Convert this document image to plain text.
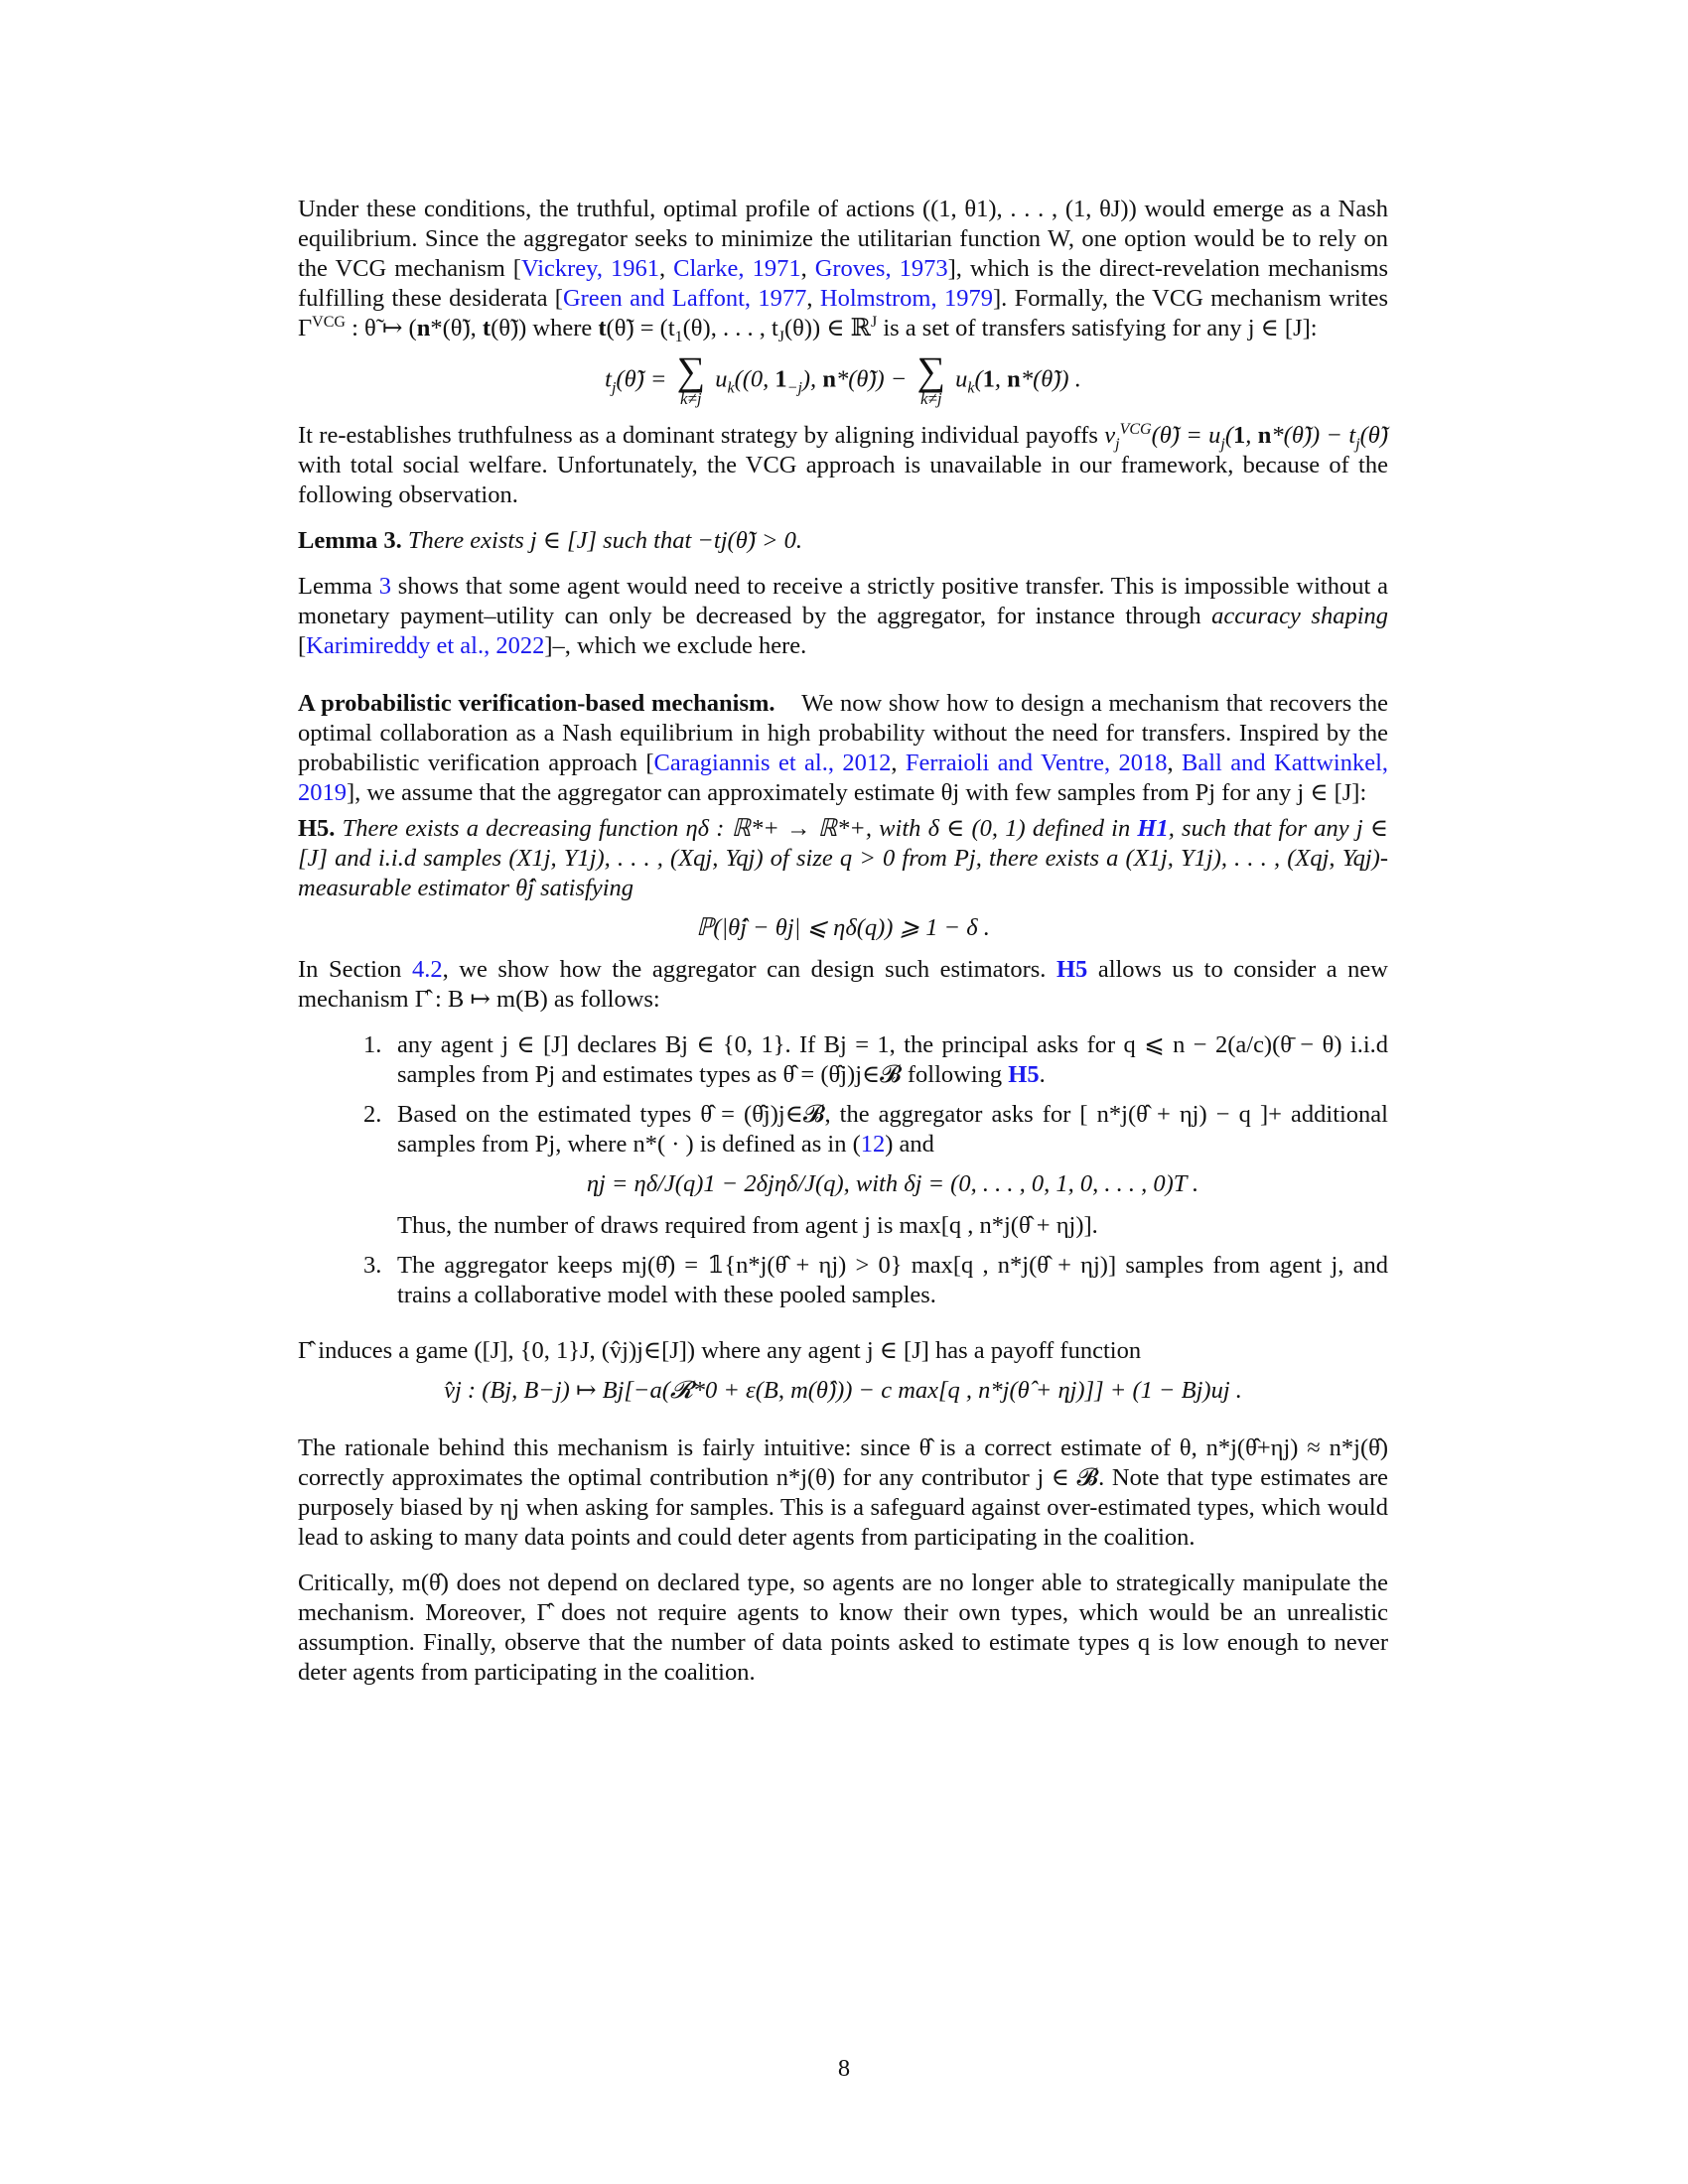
Under these conditions, the truthful, optimal profile of actions ((1, θ1), . . . , (1, θJ)) would emerge as a Nash equilibrium. Since the aggregator seeks to minimize the utilitarian function W, one option would be to rely on the VCG mechanism [Vickrey, 1961, Clarke, 1971, Groves, 1973], which is the direct-revelation mechanisms fulfilling these desiderata [Green and Laffont, 1977, Holmstrom, 1979]. Formally, the VCG mechanism writes $\Gamma^{VCG}$ : θ̃ ↦ (n*(θ̃), t(θ̃)) where t(θ̃) = ($t_1(\theta)$, . . . , $t_J(\theta)$) ∈ ℝ$^J$ is a set of transfers satisfying for any j ∈ [J]:

$t_j(\thetã)$ = ∑
k≠j
$u_k((0$, $1_{-j}$), n*(θ̃)) − ∑
k≠j
$u_k(1$, n*(θ̃)) .

It re-establishes truthfulness as a dominant strategy by aligning individual payoffs $v_j^{VCG}(\thetã) = u_j(1$, n*(θ̃)) − $t_j(\thetã)$ with total social welfare. Unfortunately, the VCG approach is unavailable in our framework, because of the following observation.

Lemma 3. There exists j ∈ [J] such that −tj(θ̃) > 0.

Lemma 3 shows that some agent would need to receive a strictly positive transfer. This is impossible without a monetary payment–utility can only be decreased by the aggregator, for instance through accuracy shaping [Karimireddy et al., 2022]–, which we exclude here.

A probabilistic verification-based mechanism. We now show how to design a mechanism that recovers the optimal collaboration as a Nash equilibrium in high probability without the need for transfers. Inspired by the probabilistic verification approach [Caragiannis et al., 2012, Ferraioli and Ventre, 2018, Ball and Kattwinkel, 2019], we assume that the aggregator can approximately estimate θj with few samples from Pj for any j ∈ [J]:

H5. There exists a decreasing function ηδ : ℝ*+ → ℝ*+, with δ ∈ (0, 1) defined in H1, such that for any j ∈ [J] and i.i.d samples (X1j, Y1j), . . . , (Xqj, Yqj) of size q > 0 from Pj, there exists a (X1j, Y1j), . . . , (Xqj, Yqj)-measurable estimator θ̂j satisfying

ℙ(|θ̂j − θj| ⩽ ηδ(q)) ⩾ 1 − δ .

In Section 4.2, we show how the aggregator can design such estimators. H5 allows us to consider a new mechanism Γ̂ : B ↦ m(B) as follows:

1. any agent j ∈ [J] declares Bj ∈ {0, 1}. If Bj = 1, the principal asks for q ⩽ n − 2(a/c)(θ̄ − θ) i.i.d samples from Pj and estimates types as θ̂ = (θ̂j)j∈𝓑 following H5.
2. Based on the estimated types θ̂ = (θ̂j)j∈𝓑, the aggregator asks for [ n*j(θ̂ + ηj) − q ]+ additional samples from Pj, where n*( · ) is defined as in (12) and
ηj = ηδ/J(q)1 − 2δjηδ/J(q), with δj = (0, . . . , 0, 1, 0, . . . , 0)T .
Thus, the number of draws required from agent j is max[q , n*j(θ̂ + ηj)].
3. The aggregator keeps mj(θ̂) = 𝟙{n*j(θ̂ + ηj) > 0} max[q , n*j(θ̂ + ηj)] samples from agent j, and trains a collaborative model with these pooled samples.

Γ̂ induces a game ([J], {0, 1}J, (v̂j)j∈[J]) where any agent j ∈ [J] has a payoff function

v̂j : (Bj, B−j) ↦ Bj[−a(𝓡*0 + ε(B, m(θ̂))) − c max[q , n*j(θ̂ + ηj)]] + (1 − Bj)uj .

The rationale behind this mechanism is fairly intuitive: since θ̂ is a correct estimate of θ, n*j(θ̂+ηj) ≈ n*j(θ̂) correctly approximates the optimal contribution n*j(θ) for any contributor j ∈ 𝓑. Note that type estimates are purposely biased by ηj when asking for samples. This is a safeguard against over-estimated types, which would lead to asking to many data points and could deter agents from participating in the coalition.

Critically, m(θ̂) does not depend on declared type, so agents are no longer able to strategically manipulate the mechanism. Moreover, Γ̂ does not require agents to know their own types, which would be an unrealistic assumption. Finally, observe that the number of data points asked to estimate types q is low enough to never deter agents from participating in the coalition.

8
